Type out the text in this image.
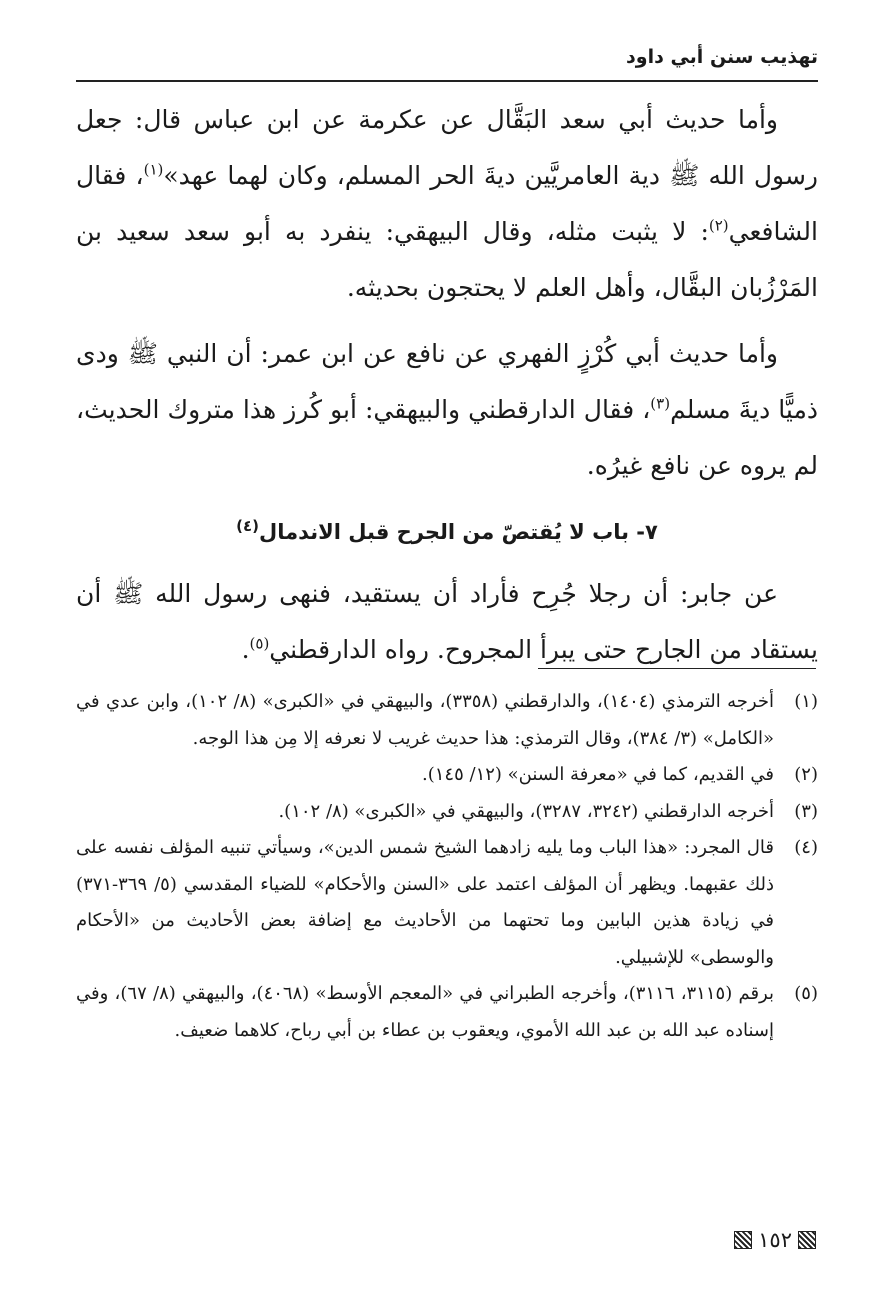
تهذيب سنن أبي داود

وأما حديث أبي سعد البَقَّال عن عكرمة عن ابن عباس قال: جعل رسول الله ﷺ دية العامريَّين ديةَ الحر المسلم، وكان لهما عهد»$^{(١)}$، فقال الشافعي$^{(٢)}$: لا يثبت مثله، وقال البيهقي: ينفرد به أبو سعد سعيد بن المَرْزُبان البقَّال، وأهل العلم لا يحتجون بحديثه.

وأما حديث أبي كُرْزٍ الفهري عن نافع عن ابن عمر: أن النبي ﷺ ودى ذميًّا ديةَ مسلم$^{(٣)}$، فقال الدارقطني والبيهقي: أبو كُرز هذا متروك الحديث، لم يروه عن نافع غيرُه.

٧- باب لا يُقتصّ من الجرح قبل الاندمال$^{(٤)}$

عن جابر: أن رجلا جُرِح فأراد أن يستقيد، فنهى رسول الله ﷺ أن يستقاد من الجارح حتى يبرأ المجروح. رواه الدارقطني$^{(٥)}$.

(١)
أخرجه الترمذي (١٤٠٤)، والدارقطني (٣٣٥٨)، والبيهقي في «الكبرى» (٨/ ١٠٢)، وابن عدي في «الكامل» (٣/ ٣٨٤)، وقال الترمذي: هذا حديث غريب لا نعرفه إلا مِن هذا الوجه.
(٢)
في القديم، كما في «معرفة السنن» (١٢/ ١٤٥).
(٣)
أخرجه الدارقطني (٣٢٤٢، ٣٢٨٧)، والبيهقي في «الكبرى» (٨/ ١٠٢).
(٤)
قال المجرد: «هذا الباب وما يليه زادهما الشيخ شمس الدين»، وسيأتي تنبيه المؤلف نفسه على ذلك عقبهما. ويظهر أن المؤلف اعتمد على «السنن والأحكام» للضياء المقدسي (٥/ ٣٦٩-٣٧١) في زيادة هذين البابين وما تحتهما من الأحاديث مع إضافة بعض الأحاديث من «الأحكام والوسطى» للإشبيلي.
(٥)
برقم (٣١١٥، ٣١١٦)، وأخرجه الطبراني في «المعجم الأوسط» (٤٠٦٨)، والبيهقي (٨/ ٦٧)، وفي إسناده عبد الله بن عبد الله الأموي، ويعقوب بن عطاء بن أبي رباح، كلاهما ضعيف.
١٥٢
